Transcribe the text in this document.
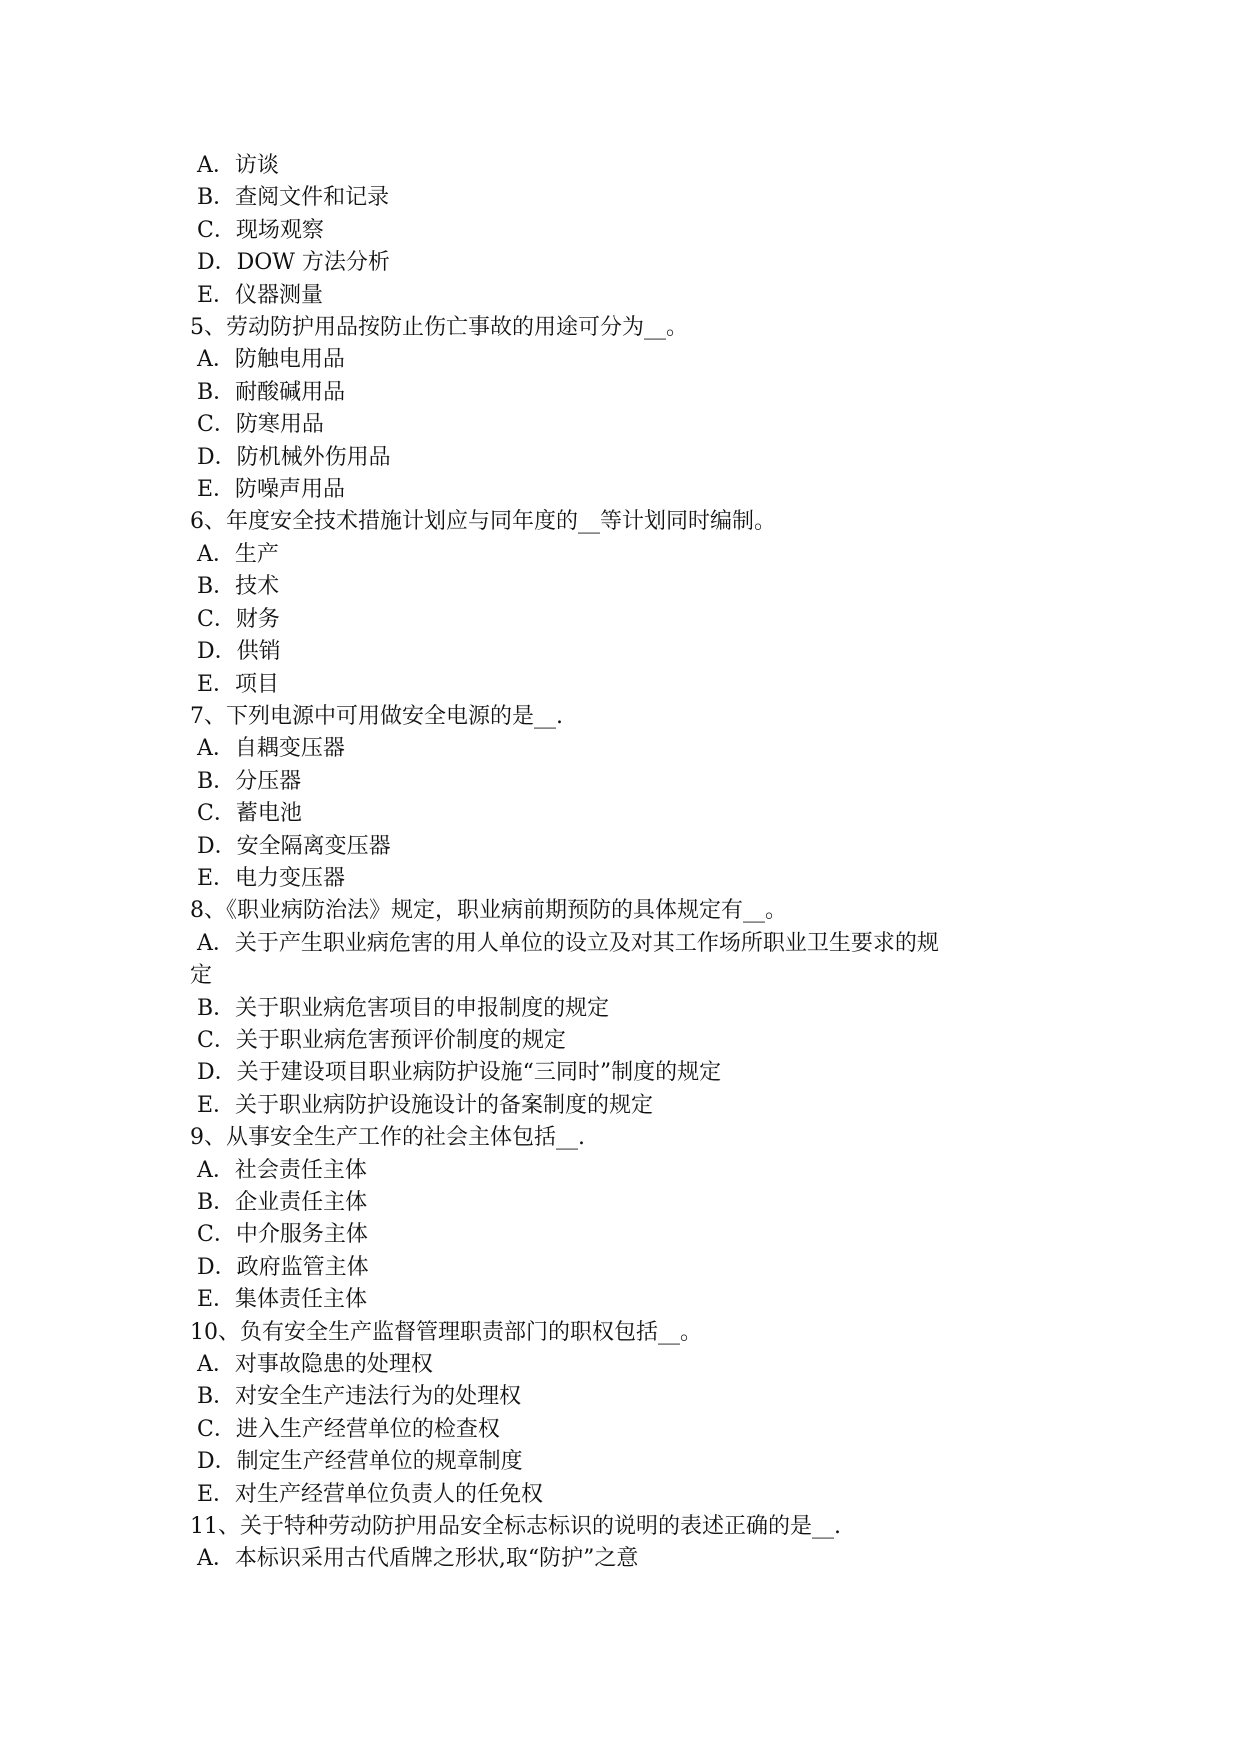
A．访谈
B．查阅文件和记录
C．现场观察
D．DOW 方法分析
E．仪器测量
5、劳动防护用品按防止伤亡事故的用途可分为__。
A．防触电用品
B．耐酸碱用品
C．防寒用品
D．防机械外伤用品
E．防噪声用品
6、年度安全技术措施计划应与同年度的__等计划同时编制。
A．生产
B．技术
C．财务
D．供销
E．项目
7、下列电源中可用做安全电源的是__.
A．自耦变压器
B．分压器
C．蓄电池
D．安全隔离变压器
E．电力变压器
8、《职业病防治法》规定，职业病前期预防的具体规定有__。
A．关于产生职业病危害的用人单位的设立及对其工作场所职业卫生要求的规
定
B．关于职业病危害项目的申报制度的规定
C．关于职业病危害预评价制度的规定
D．关于建设项目职业病防护设施“三同时”制度的规定
E．关于职业病防护设施设计的备案制度的规定
9、从事安全生产工作的社会主体包括__.
A．社会责任主体
B．企业责任主体
C．中介服务主体
D．政府监管主体
E．集体责任主体
10、负有安全生产监督管理职责部门的职权包括__。
A．对事故隐患的处理权
B．对安全生产违法行为的处理权
C．进入生产经营单位的检查权
D．制定生产经营单位的规章制度
E．对生产经营单位负责人的任免权
11、关于特种劳动防护用品安全标志标识的说明的表述正确的是__.
A．本标识采用古代盾牌之形状,取“防护”之意
